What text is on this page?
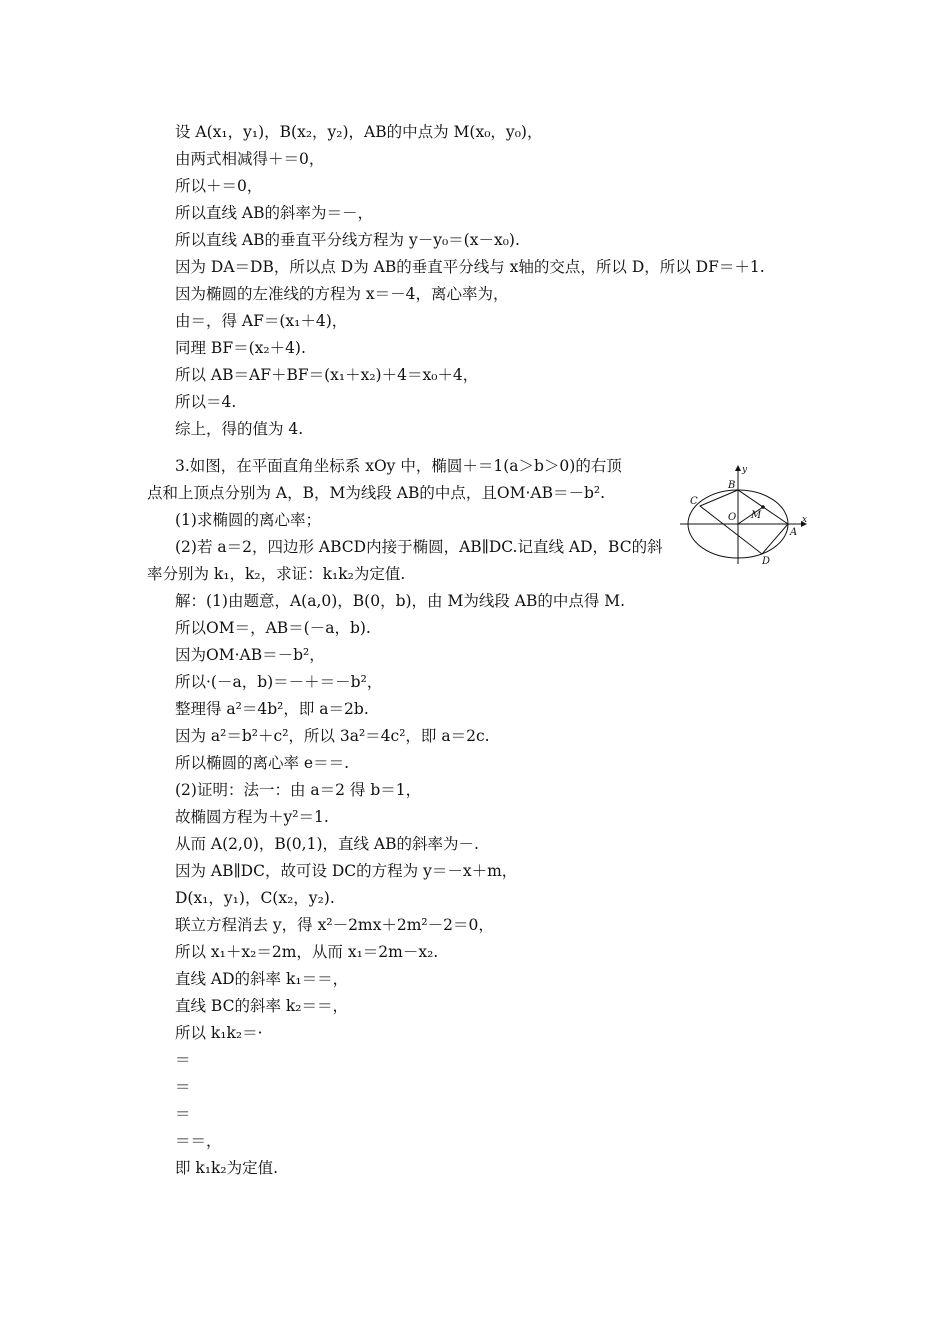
设 A(x₁，y₁)，B(x₂，y₂)，AB的中点为 M(x₀，y₀)，
由两式相减得＋＝0，
所以＋＝0，
所以直线 AB的斜率为＝－，
所以直线 AB的垂直平分线方程为 y－y₀＝(x－x₀).
因为 DA＝DB，所以点 D为 AB的垂直平分线与 x轴的交点，所以 D，所以 DF＝＋1.
因为椭圆的左准线的方程为 x＝－4，离心率为，
由＝，得 AF＝(x₁＋4)，
同理 BF＝(x₂＋4).
所以 AB＝AF＋BF＝(x₁＋x₂)＋4＝x₀＋4，
所以＝4.
综上，得的值为 4.
3.如图，在平面直角坐标系 xOy 中，椭圆＋＝1(a＞b＞0)的右顶
点和上顶点分别为 A，B，M为线段 AB的中点，且OM·AB＝－b².
(1)求椭圆的离心率；
(2)若 a＝2，四边形 ABCD内接于椭圆，AB∥DC.记直线 AD，BC的斜
率分别为 k₁，k₂，求证：k₁k₂为定值.
解：(1)由题意，A(a,0)，B(0，b)，由 M为线段 AB的中点得 M.
所以OM＝，AB＝(－a，b).
因为OM·AB＝－b²，
所以·(－a，b)＝－＋＝－b²，
整理得 a²＝4b²，即 a＝2b.
因为 a²＝b²＋c²，所以 3a²＝4c²，即 a＝2c.
所以椭圆的离心率 e＝＝.
(2)证明：法一：由 a＝2 得 b＝1，
故椭圆方程为＋y²＝1.
从而 A(2,0)，B(0,1)，直线 AB的斜率为－.
因为 AB∥DC，故可设 DC的方程为 y＝－x＋m，
D(x₁，y₁)，C(x₂，y₂).
联立方程消去 y，得 x²－2mx＋2m²－2＝0，
所以 x₁＋x₂＝2m，从而 x₁＝2m－x₂.
直线 AD的斜率 k₁＝＝，
直线 BC的斜率 k₂＝＝，
所以 k₁k₂＝·
＝
＝
＝
＝＝，
即 k₁k₂为定值.
x
y
A
B
C
D
O M
